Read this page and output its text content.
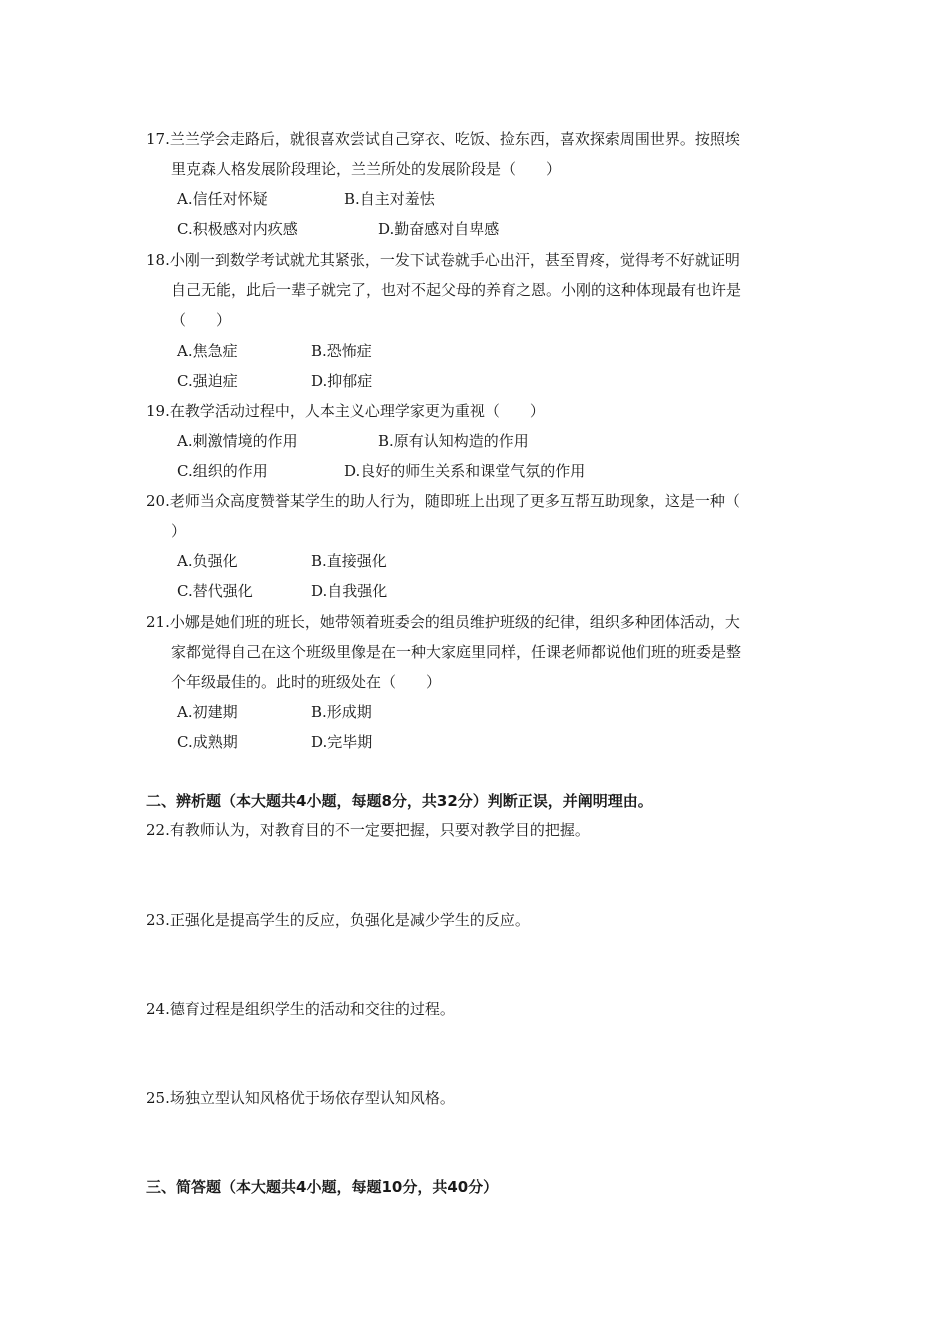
17.兰兰学会走路后，就很喜欢尝试自己穿衣、吃饭、捡东西，喜欢探索周围世界。按照埃
里克森人格发展阶段理论，兰兰所处的发展阶段是（　　）
A.信任对怀疑	B.自主对羞怯
C.积极感对内疚感	D.勤奋感对自卑感
18.小刚一到数学考试就尤其紧张，一发下试卷就手心出汗，甚至胃疼，觉得考不好就证明
自己无能，此后一辈子就完了，也对不起父母的养育之恩。小刚的这种体现最有也许是
（　　）
A.焦急症	B.恐怖症
C.强迫症	D.抑郁症
19.在教学活动过程中，人本主义心理学家更为重视（　　）
A.刺激情境的作用	B.原有认知构造的作用
C.组织的作用	D.良好的师生关系和课堂气氛的作用
20.老师当众高度赞誉某学生的助人行为，随即班上出现了更多互帮互助现象，这是一种（
）
A.负强化	B.直接强化
C.替代强化	D.自我强化
21.小娜是她们班的班长，她带领着班委会的组员维护班级的纪律，组织多种团体活动，大
家都觉得自己在这个班级里像是在一种大家庭里同样，任课老师都说他们班的班委是整
个年级最佳的。此时的班级处在（　　）
A.初建期	B.形成期
C.成熟期	D.完毕期
二、辨析题（本大题共4小题，每题8分，共32分）判断正误，并阐明理由。
22.有教师认为，对教育目的不一定要把握，只要对教学目的把握。
23.正强化是提高学生的反应，负强化是减少学生的反应。
24.德育过程是组织学生的活动和交往的过程。
25.场独立型认知风格优于场依存型认知风格。
三、简答题（本大题共4小题，每题10分，共40分）
